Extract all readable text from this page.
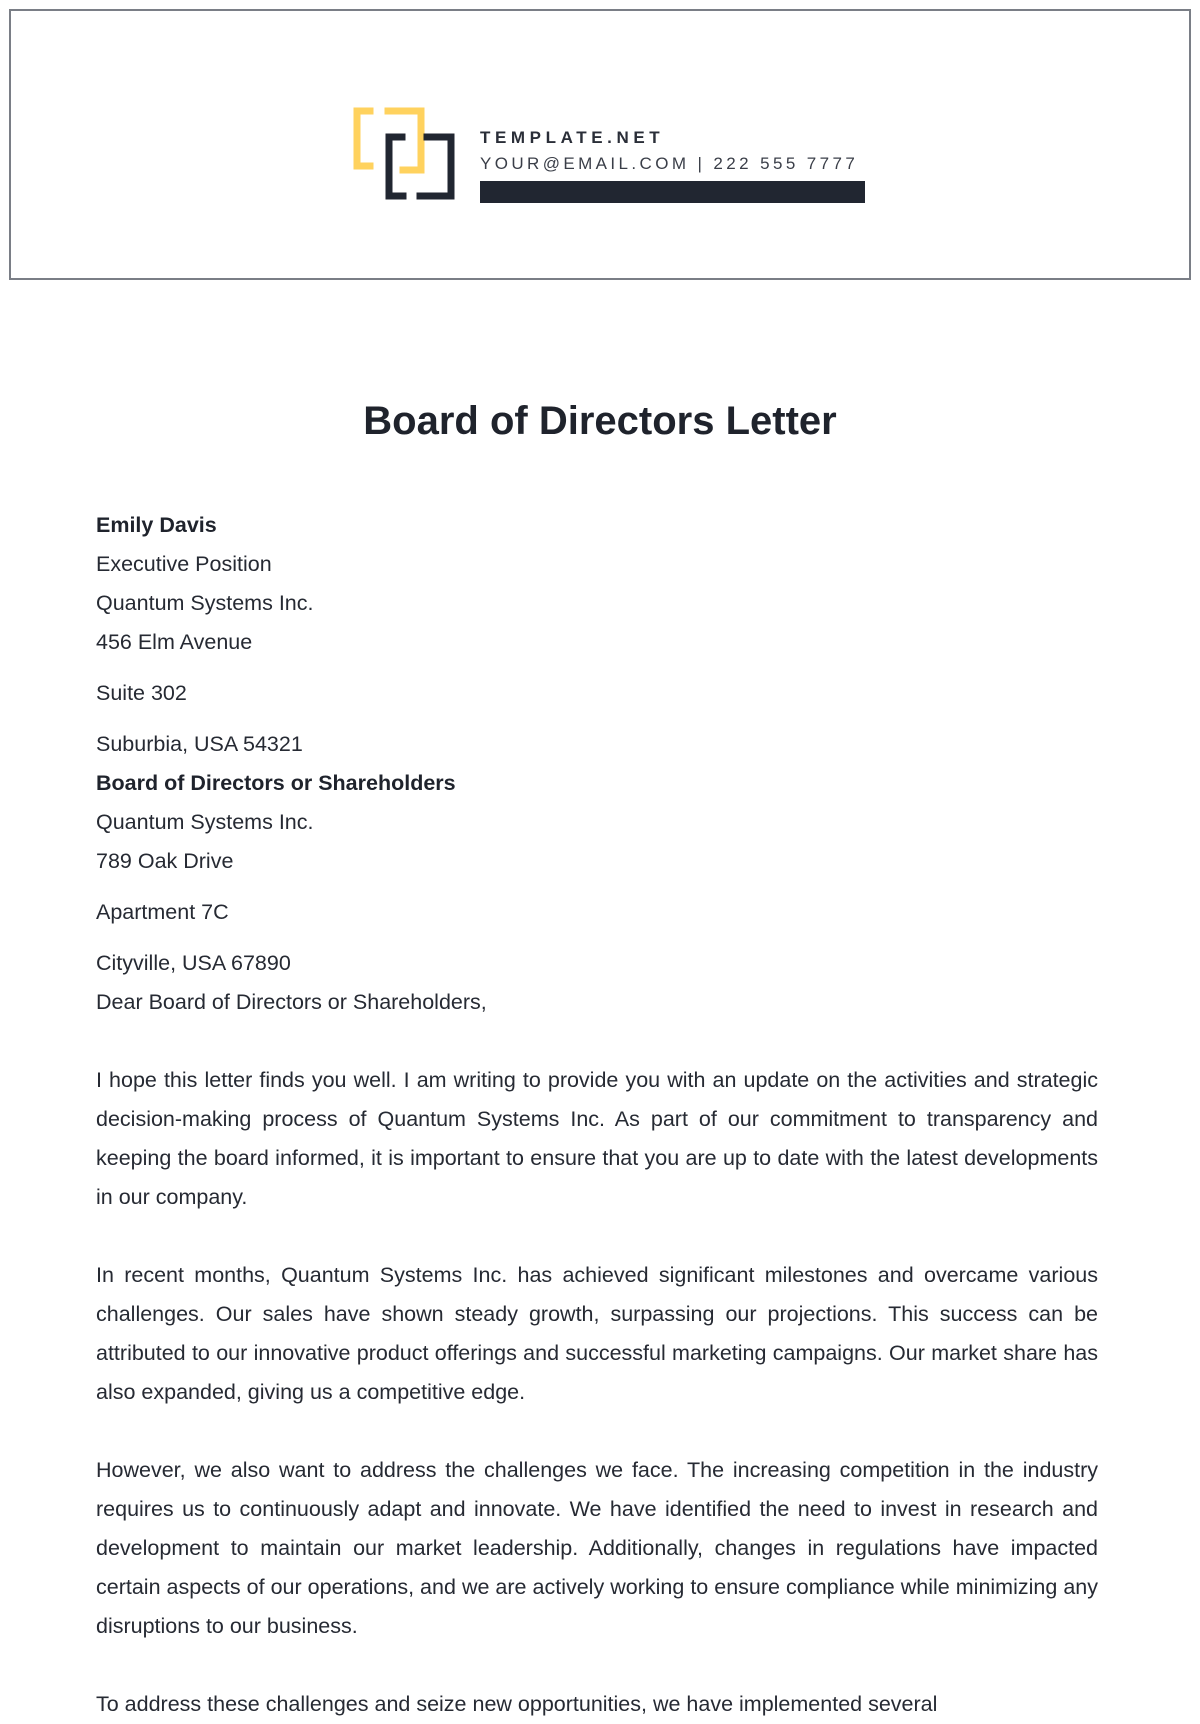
TEMPLATE.NET
YOUR@EMAIL.COM | 222 555 7777
Board of Directors Letter
Emily Davis
Executive Position
Quantum Systems Inc.
456 Elm Avenue
Suite 302
Suburbia, USA 54321
Board of Directors or Shareholders
Quantum Systems Inc.
789 Oak Drive
Apartment 7C
Cityville, USA 67890
Dear Board of Directors or Shareholders,

I hope this letter finds you well. I am writing to provide you with an update on the activities and strategic decision-making process of Quantum Systems Inc. As part of our commitment to transparency and keeping the board informed, it is important to ensure that you are up to date with the latest developments in our company.

In recent months, Quantum Systems Inc. has achieved significant milestones and overcame various challenges. Our sales have shown steady growth, surpassing our projections. This success can be attributed to our innovative product offerings and successful marketing campaigns. Our market share has also expanded, giving us a competitive edge.

However, we also want to address the challenges we face. The increasing competition in the industry requires us to continuously adapt and innovate. We have identified the need to invest in research and development to maintain our market leadership. Additionally, changes in regulations have impacted certain aspects of our operations, and we are actively working to ensure compliance while minimizing any disruptions to our business.

To address these challenges and seize new opportunities, we have implemented several
